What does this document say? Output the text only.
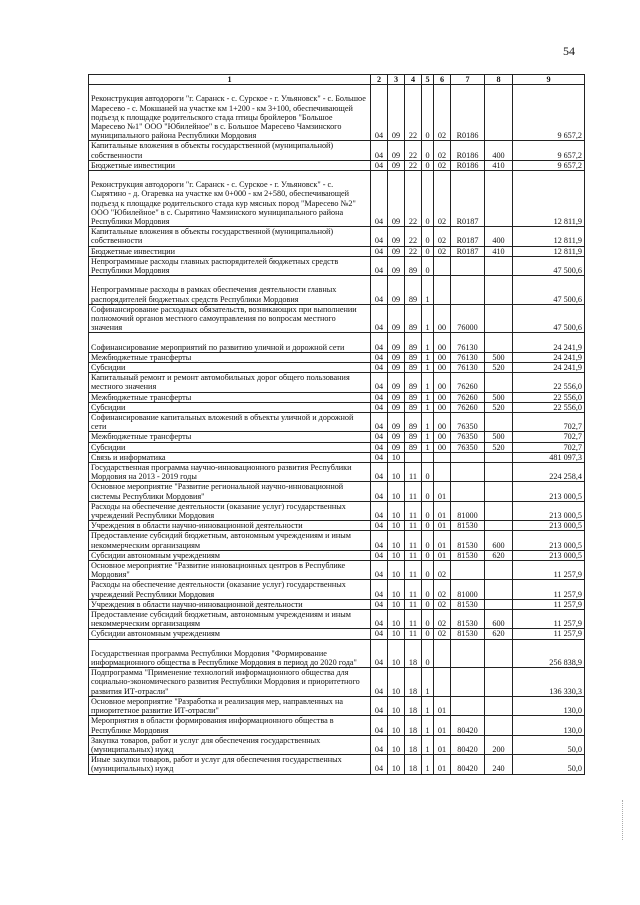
54
1	2	3	4	5	6	7	8	9
Реконструкция автодороги "г. Саранск - с. Сурское - г. Ульяновск" - с. Большое Маресево - с. Мокшаней на участке км 1+200 - км 3+100, обеспечивающей подъезд к площадке родительского стада птицы бройлеров "Большое Маресево №1" ООО "Юбилейное" в с. Большое Маресево Чамзинского муниципального района Республики Мордовия	04	09	22	0	02	R0186		9 657,2
Капитальные вложения в объекты государственной (муниципальной) собственности	04	09	22	0	02	R0186	400	9 657,2
Бюджетные инвестиции	04	09	22	0	02	R0186	410	9 657,2
Реконструкция автодороги "г. Саранск - с. Сурское - г. Ульяновск" - с. Сырятино - д. Огаревка на участке км 0+000 - км 2+580, обеспечивающей подъезд к площадке родительского стада кур мясных пород "Маресево №2" ООО "Юбилейное" в с. Сырятино Чамзинского муниципального района Республики Мордовия	04	09	22	0	02	R0187		12 811,9
Капитальные вложения в объекты государственной (муниципальной) собственности	04	09	22	0	02	R0187	400	12 811,9
Бюджетные инвестиции	04	09	22	0	02	R0187	410	12 811,9
Непрограммные расходы главных распорядителей бюджетных средств Республики Мордовия	04	09	89	0				47 500,6
Непрограммные расходы в рамках обеспечения деятельности главных распорядителей бюджетных средств Республики Мордовия	04	09	89	1				47 500,6
Софинансирование расходных обязательств, возникающих при выполнении полномочий органов местного самоуправления по вопросам местного значения	04	09	89	1	00	76000		47 500,6
Софинансирование мероприятий по развитию уличной и дорожной сети	04	09	89	1	00	76130		24 241,9
Межбюджетные трансферты	04	09	89	1	00	76130	500	24 241,9
Субсидии	04	09	89	1	00	76130	520	24 241,9
Капитальный ремонт и ремонт автомобильных дорог общего пользования местного значения	04	09	89	1	00	76260		22 556,0
Межбюджетные трансферты	04	09	89	1	00	76260	500	22 556,0
Субсидии	04	09	89	1	00	76260	520	22 556,0
Софинансирование капитальных вложений в объекты уличной и дорожной сети	04	09	89	1	00	76350		702,7
Межбюджетные трансферты	04	09	89	1	00	76350	500	702,7
Субсидии	04	09	89	1	00	76350	520	702,7
Связь и информатика	04	10						481 097,3
Государственная программа научно-инновационного развития Республики Мордовия на 2013 - 2019 годы	04	10	11	0				224 258,4
Основное мероприятие "Развитие региональной научно-инновационной системы Республики Мордовия"	04	10	11	0	01			213 000,5
Расходы на обеспечение деятельности (оказание услуг) государственных учреждений Республики Мордовия	04	10	11	0	01	81000		213 000,5
Учреждения в области научно-инновационной деятельности	04	10	11	0	01	81530		213 000,5
Предоставление субсидий бюджетным, автономным учреждениям и иным некоммерческим организациям	04	10	11	0	01	81530	600	213 000,5
Субсидии автономным учреждениям	04	10	11	0	01	81530	620	213 000,5
Основное мероприятие "Развитие инновационных центров в Республике Мордовия"	04	10	11	0	02			11 257,9
Расходы на обеспечение деятельности (оказание услуг) государственных учреждений Республики Мордовия	04	10	11	0	02	81000		11 257,9
Учреждения в области научно-инновационной деятельности	04	10	11	0	02	81530		11 257,9
Предоставление субсидий бюджетным, автономным учреждениям и иным некоммерческим организациям	04	10	11	0	02	81530	600	11 257,9
Субсидии автономным учреждениям	04	10	11	0	02	81530	620	11 257,9
Государственная программа Республики Мордовия "Формирование информационного общества в Республике Мордовия в период до 2020 года"	04	10	18	0				256 838,9
Подпрограмма "Применение технологий информационного общества для социально-экономического развития Республики Мордовия и приоритетного развития ИТ-отрасли"	04	10	18	1				136 330,3
Основное мероприятие "Разработка и реализация мер, направленных на приоритетное развитие ИТ-отрасли"	04	10	18	1	01			130,0
Мероприятия в области формирования информационного общества в Республике Мордовия	04	10	18	1	01	80420		130,0
Закупка товаров, работ и услуг для обеспечения государственных (муниципальных) нужд	04	10	18	1	01	80420	200	50,0
Иные закупки товаров, работ и услуг для обеспечения государственных (муниципальных) нужд	04	10	18	1	01	80420	240	50,0
